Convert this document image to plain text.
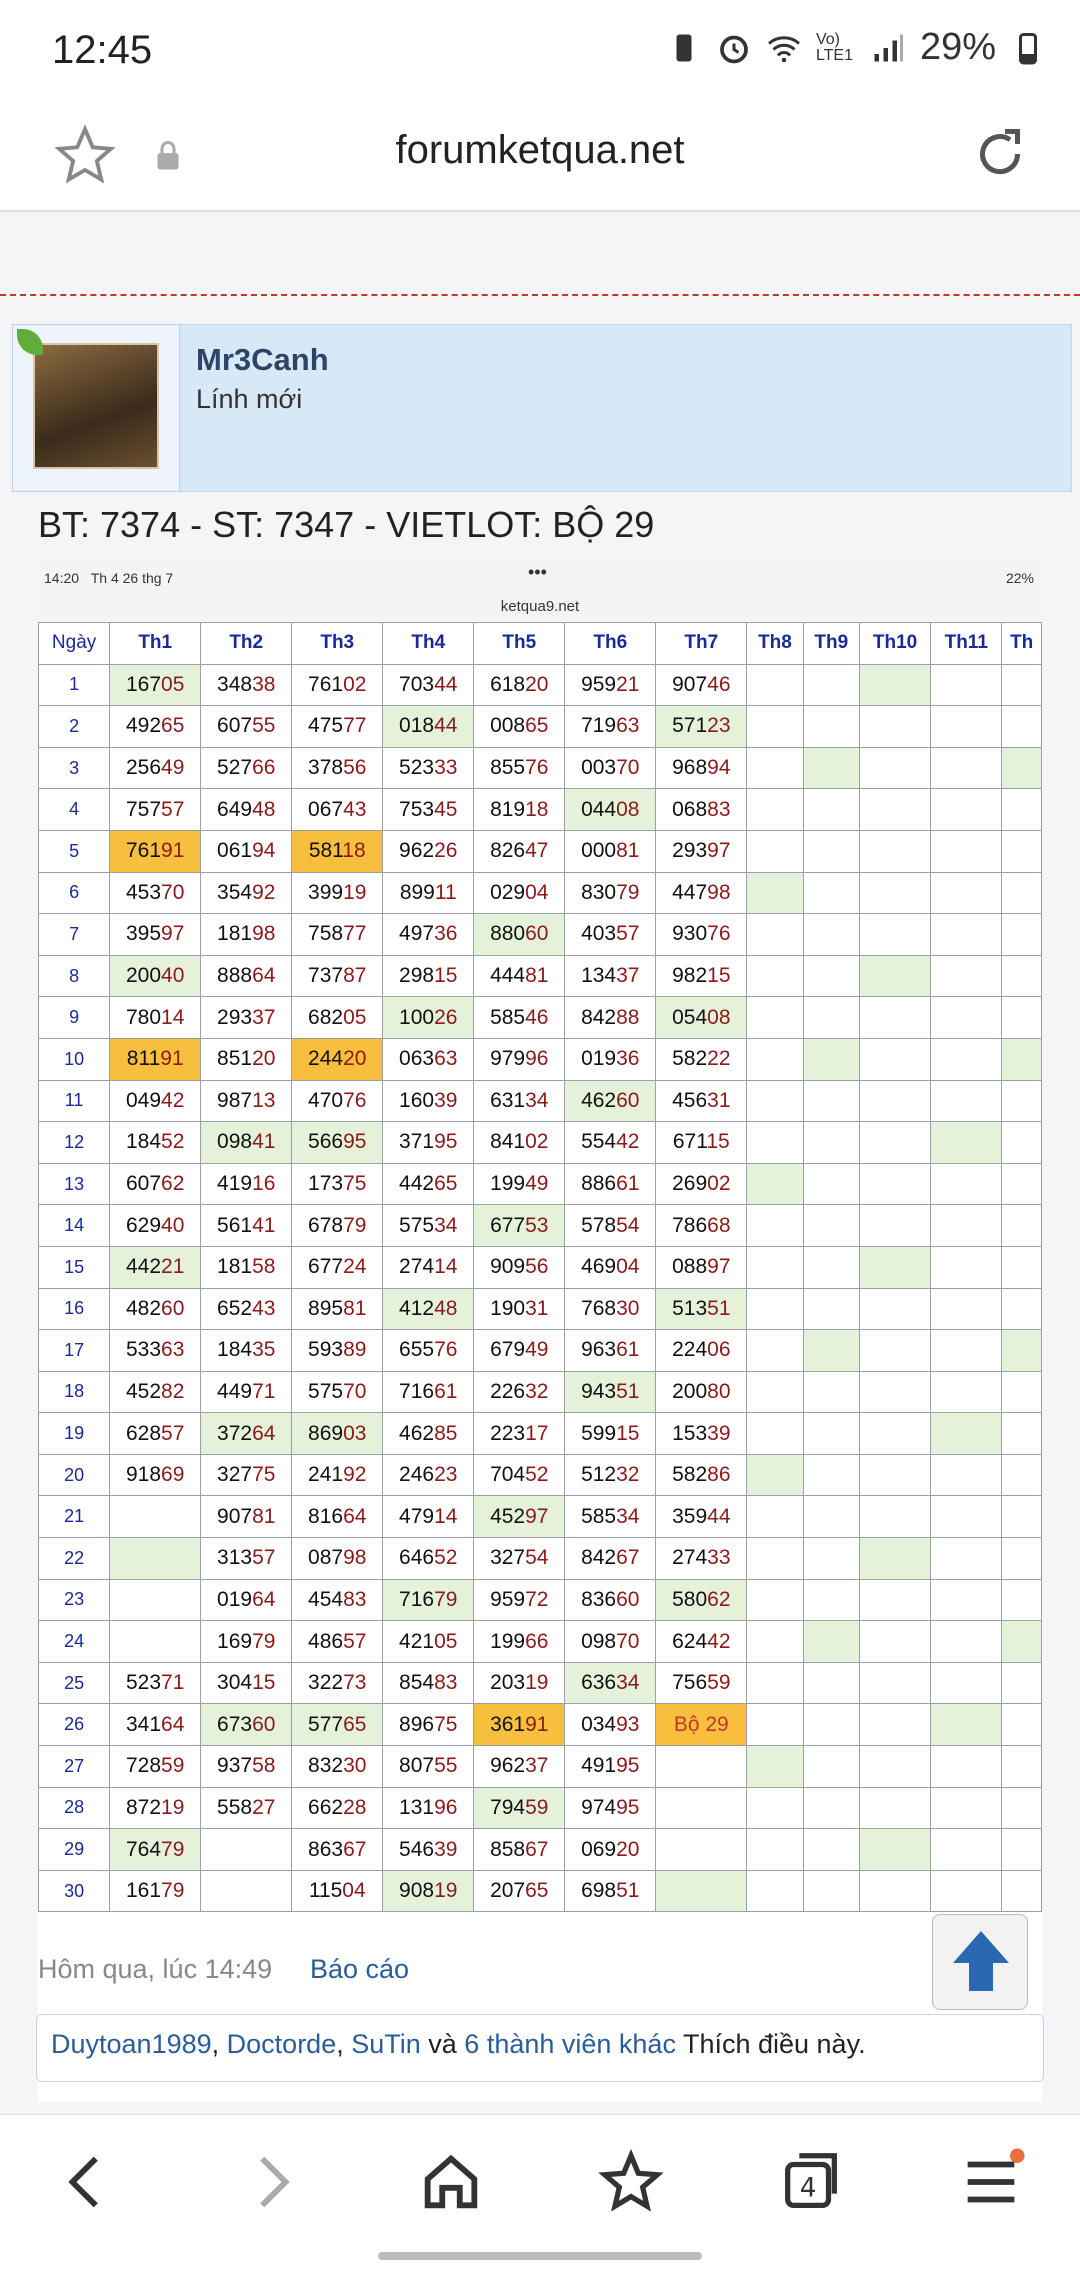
12:45	Vo) LTE1 29%
forumketqua.net
Mr3Canh
Lính mới
BT: 7374 - ST: 7347 - VIETLOT: BỘ 29
14:20 Th 4 26 thg 7	•••	22%
ketqua9.net
Ngày	Th1	Th2	Th3	Th4	Th5	Th6	Th7	Th8	Th9	Th10	Th11	Th
1	16705	34838	76102	70344	61820	95921	90746					
2	49265	60755	47577	01844	00865	71963	57123					
3	25649	52766	37856	52333	85576	00370	96894					
4	75757	64948	06743	75345	81918	04408	06883					
5	76191	06194	58118	96226	82647	00081	29397					
6	45370	35492	39919	89911	02904	83079	44798					
7	39597	18198	75877	49736	88060	40357	93076					
8	20040	88864	73787	29815	44481	13437	98215					
9	78014	29337	68205	10026	58546	84288	05408					
10	81191	85120	24420	06363	97996	01936	58222					
11	04942	98713	47076	16039	63134	46260	45631					
12	18452	09841	56695	37195	84102	55442	67115					
13	60762	41916	17375	44265	19949	88661	26902					
14	62940	56141	67879	57534	67753	57854	78668					
15	44221	18158	67724	27414	90956	46904	08897					
16	48260	65243	89581	41248	19031	76830	51351					
17	53363	18435	59389	65576	67949	96361	22406					
18	45282	44971	57570	71661	22632	94351	20080					
19	62857	37264	86903	46285	22317	59915	15339					
20	91869	32775	24192	24623	70452	51232	58286					
21		90781	81664	47914	45297	58534	35944					
22		31357	08798	64652	32754	84267	27433					
23		01964	45483	71679	95972	83660	58062					
24		16979	48657	42105	19966	09870	62442					
25	52371	30415	32273	85483	20319	63634	75659					
26	34164	67360	57765	89675	36191	03493	Bộ 29					
27	72859	93758	83230	80755	96237	49195						
28	87219	55827	66228	13196	79459	97495						
29	76479		86367	54639	85867	06920						
30	16179		11504	90819	20765	69851						
Hôm qua, lúc 14:49 Báo cáo
Duytoan1989, Doctorde, SuTin và 6 thành viên khác Thích điều này.
4
